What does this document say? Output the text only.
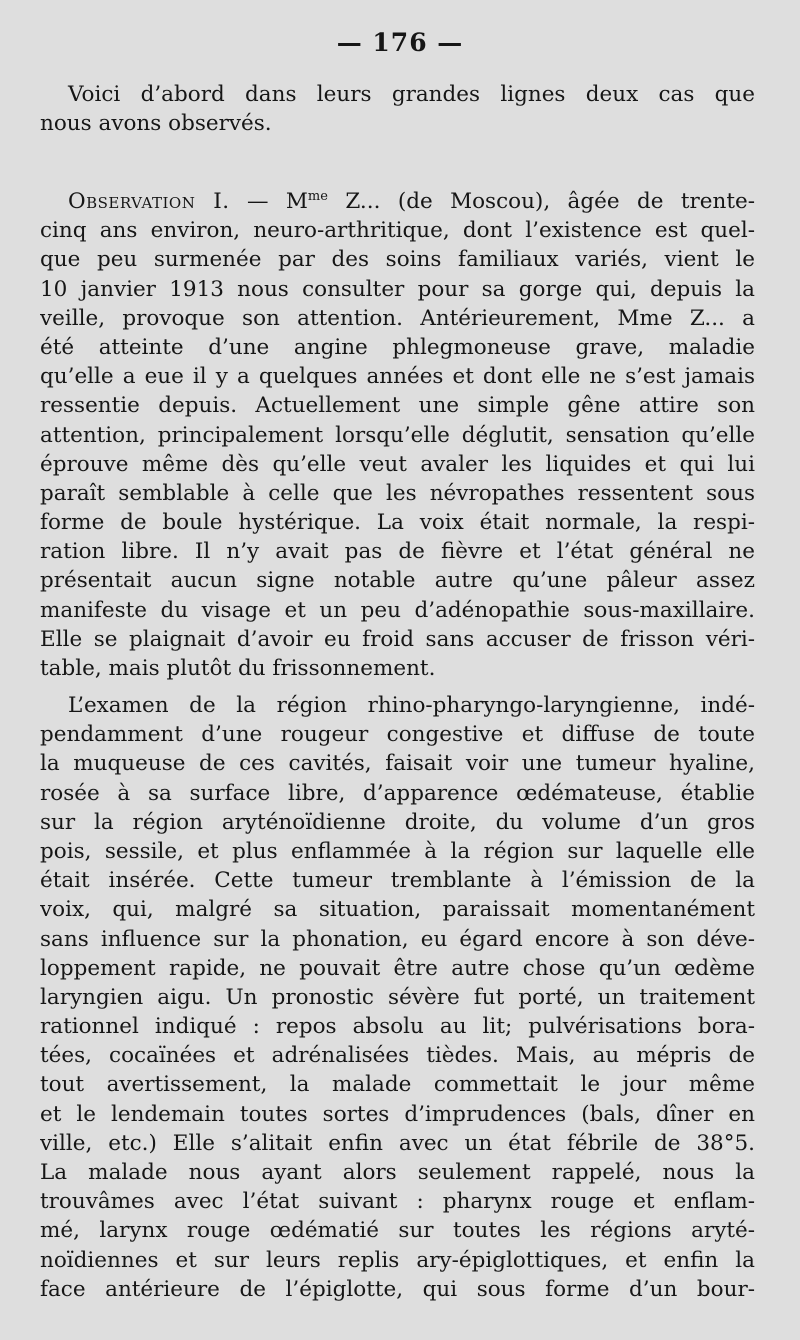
— 176 —
Voici d’abord dans leurs grandes lignes deux cas que
nous avons observés.
Observation I. — $M^{me}$ Z... (de Moscou), âgée de trente-
cinq ans environ, neuro-arthritique, dont l’existence est quel-
que peu surmenée par des soins familiaux variés, vient le
10 janvier 1913 nous consulter pour sa gorge qui, depuis la
veille, provoque son attention. Antérieurement, Mme Z... a
été atteinte d’une angine phlegmoneuse grave, maladie
qu’elle a eue il y a quelques années et dont elle ne s’est jamais
ressentie depuis. Actuellement une simple gêne attire son
attention, principalement lorsqu’elle déglutit, sensation qu’elle
éprouve même dès qu’elle veut avaler les liquides et qui lui
paraît semblable à celle que les névropathes ressentent sous
forme de boule hystérique. La voix était normale, la respi-
ration libre. Il n’y avait pas de fièvre et l’état général ne
présentait aucun signe notable autre qu’une pâleur assez
manifeste du visage et un peu d’adénopathie sous-maxillaire.
Elle se plaignait d’avoir eu froid sans accuser de frisson véri-
table, mais plutôt du frissonnement.
L’examen de la région rhino-pharyngo-laryngienne, indé-
pendamment d’une rougeur congestive et diffuse de toute
la muqueuse de ces cavités, faisait voir une tumeur hyaline,
rosée à sa surface libre, d’apparence œdémateuse, établie
sur la région aryténoïdienne droite, du volume d’un gros
pois, sessile, et plus enflammée à la région sur laquelle elle
était insérée. Cette tumeur tremblante à l’émission de la
voix, qui, malgré sa situation, paraissait momentanément
sans influence sur la phonation, eu égard encore à son déve-
loppement rapide, ne pouvait être autre chose qu’un œdème
laryngien aigu. Un pronostic sévère fut porté, un traitement
rationnel indiqué : repos absolu au lit; pulvérisations bora-
tées, cocaïnées et adrénalisées tièdes. Mais, au mépris de
tout avertissement, la malade commettait le jour même
et le lendemain toutes sortes d’imprudences (bals, dîner en
ville, etc.) Elle s’alitait enfin avec un état fébrile de 38°5.
La malade nous ayant alors seulement rappelé, nous la
trouvâmes avec l’état suivant : pharynx rouge et enflam-
mé, larynx rouge œdématié sur toutes les régions aryté-
noïdiennes et sur leurs replis ary-épiglottiques, et enfin la
face antérieure de l’épiglotte, qui sous forme d’un bour-
